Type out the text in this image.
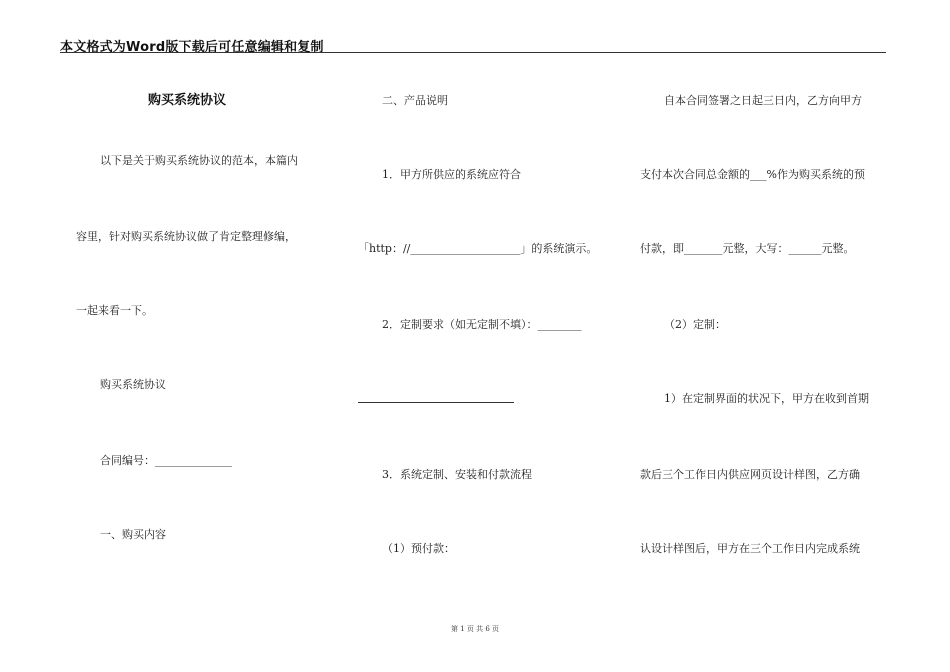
本文格式为Word版下载后可任意编辑和复制
购买系统协议
以下是关于购买系统协议的范本，本篇内
容里，针对购买系统协议做了肯定整理修编，
一起来看一下。
购买系统协议
合同编号：______________
一、购买内容
二、产品说明
1．甲方所供应的系统应符合
「http：//____________________」的系统演示。
2．定制要求（如无定制不填）：________
3．系统定制、安装和付款流程
（1）预付款：
自本合同签署之日起三日内，乙方向甲方
支付本次合同总金额的___%作为购买系统的预
付款，即_______元整，大写：______元整。
（2）定制：
1）在定制界面的状况下，甲方在收到首期
款后三个工作日内供应网页设计样图，乙方确
认设计样图后，甲方在三个工作日内完成系统
第 1 页 共 6 页
